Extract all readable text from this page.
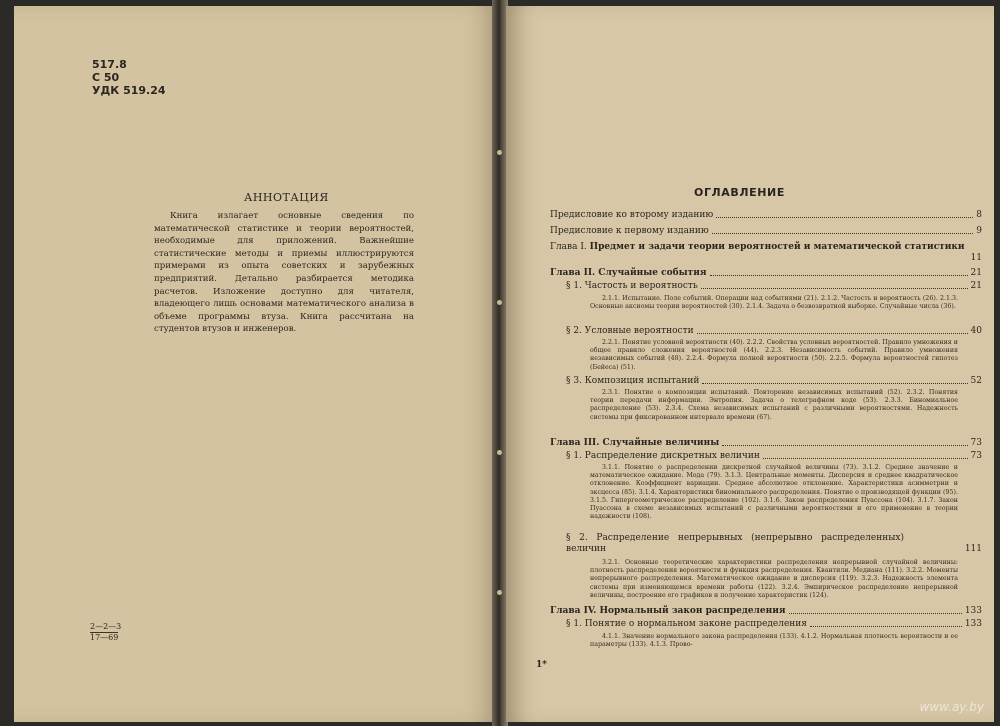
517.8
С 50
УДК 519.24
АННОТАЦИЯ

Книга излагает основные сведения по математической статистике и теории вероятностей, необходимые для приложений. Важнейшие статистические методы и приемы иллюстрируются примерами из опыта советских и зарубежных предприятий. Детально разбирается методика расчетов. Изложение доступно для читателя, владеющего лишь основами математического анализа в объеме программы втуза. Книга рассчитана на студентов втузов и инженеров.

2—2—3
17—69
ОГЛАВЛЕНИЕ
Предисловие ко второму изданию	8
Предисловие к первому изданию	9
Глава I. Предмет и задачи теории вероятностей и математической статистики
11
Глава II. Случайные события	21
§ 1. Частость и вероятность	21

2.1.1. Испытание. Поле событий. Операции над событиями (21). 2.1.2. Частость и вероятность (26). 2.1.3. Основные аксиомы теории вероятностей (30). 2.1.4. Задача о безвозвратной выборке. Случайные числа (36).

§ 2. Условные вероятности	40

2.2.1. Понятие условной вероятности (40). 2.2.2. Свойства условных вероятностей. Правило умножения и общее правило сложения вероятностей (44). 2.2.3. Независимость событий. Правило умножения независимых событий (48). 2.2.4. Формула полной вероятности (50). 2.2.5. Формула вероятностей гипотез (Бейеса) (51).

§ 3. Композиция испытаний	52

2.3.1. Понятие о композиции испытаний. Повторение независимых испытаний (52). 2.3.2. Понятия теории передачи информации. Энтропия. Задача о телеграфном коде (53). 2.3.3. Биномиальное распределение (53). 2.3.4. Схема независимых испытаний с различными вероятностями. Надежность системы при фиксированном интервале времени (67).

Глава III. Случайные величины	73
§ 1. Распределение дискретных величин	73

3.1.1. Понятие о распределении дискретной случайной величины (73). 3.1.2. Среднее значение и математическое ожидание. Мода (79). 3.1.3. Центральные моменты. Дисперсия и среднее квадратическое отклонение. Коэффициент вариации. Среднее абсолютное отклонение. Характеристики асимметрии и эксцесса (85). 3.1.4. Характеристики биномиального распределения. Понятие о производящей функции (95). 3.1.5. Гипергеометрическое распределение (102). 3.1.6. Закон распределения Пуассона (104). 3.1.7. Закон Пуассона в схеме независимых испытаний с различными вероятностями и его применение в теории надежности (108).

§ 2. Распределение непрерывных (непрерывно распределенных) величин	111

3.2.1. Основные теоретические характеристики распределения непрерывной случайной величины: плотность распределения вероятности и функция распределения. Квантили. Медиана (111). 3.2.2. Моменты непрерывного распределения. Математическое ожидание и дисперсия (119). 3.2.3. Надежность элемента системы при изменяющемся времени работы (122). 3.2.4. Эмпирическое распределение непрерывной величины, построение его графиков и получение характеристик (124).

Глава IV. Нормальный закон распределения	133
§ 1. Понятие о нормальном законе распределения	133

4.1.1. Значение нормального закона распределения (133). 4.1.2. Нормальная плотность вероятности и ее параметры (133). 4.1.3. Прово-

1*
www.ay.by
